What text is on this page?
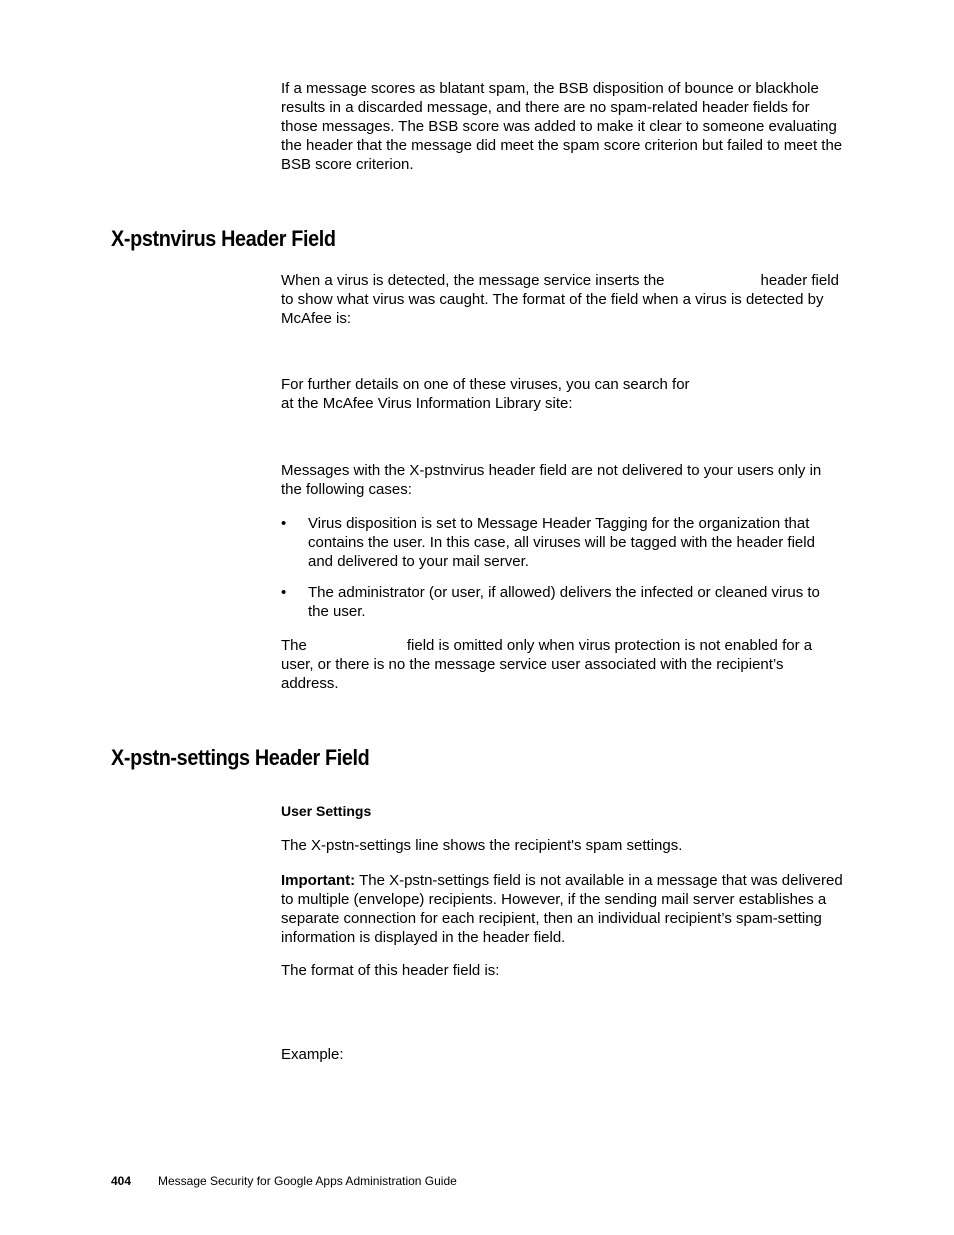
If a message scores as blatant spam, the BSB disposition of bounce or blackhole results in a discarded message, and there are no spam-related header fields for those messages. The BSB score was added to make it clear to someone evaluating the header that the message did meet the spam score criterion but failed to meet the BSB score criterion.

X-pstnvirus Header Field

When a virus is detected, the message service inserts the	header field to show what virus was caught. The format of the field when a virus is detected by McAfee is:

For further details on one of these viruses, you can search for
at the McAfee Virus Information Library site:

Messages with the X-pstnvirus header field are not delivered to your users only in the following cases:

• Virus disposition is set to Message Header Tagging for the organization that contains the user. In this case, all viruses will be tagged with the header field and delivered to your mail server.
• The administrator (or user, if allowed) delivers the infected or cleaned virus to the user.

The	field is omitted only when virus protection is not enabled for a user, or there is no the message service user associated with the recipient’s address.

X-pstn-settings Header Field
User Settings

The X-pstn-settings line shows the recipient's spam settings.

Important: The X-pstn-settings field is not available in a message that was delivered to multiple (envelope) recipients. However, if the sending mail server establishes a separate connection for each recipient, then an individual recipient’s spam-setting information is displayed in the header field.

The format of this header field is:

Example:

404 Message Security for Google Apps Administration Guide
